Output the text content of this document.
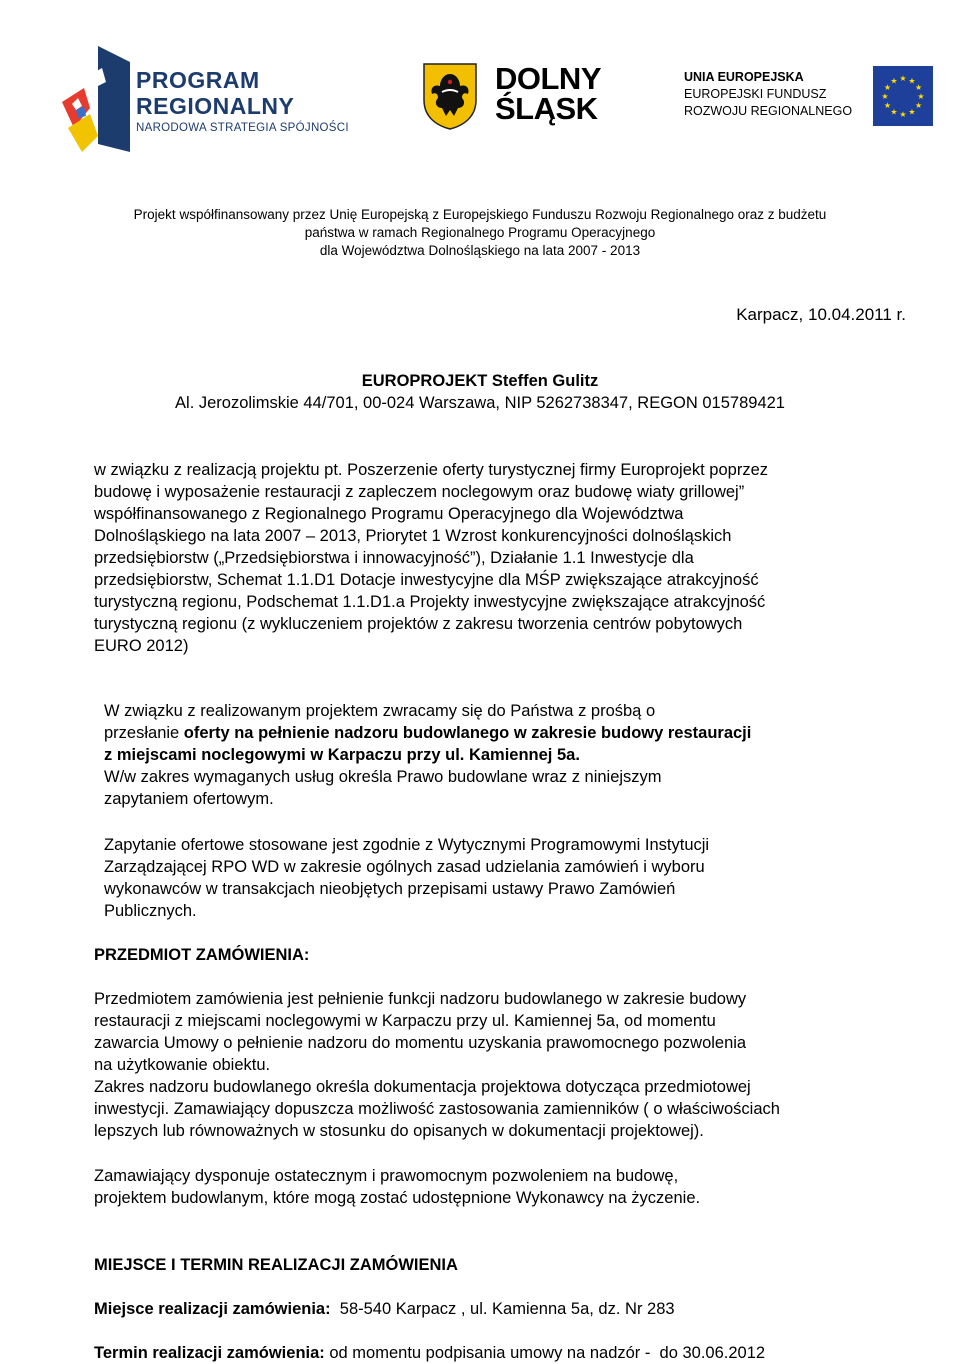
PROGRAM
REGIONALNY
NARODOWA STRATEGIA SPÓJNOŚCI
DOLNY
ŚLĄSK
UNIA EUROPEJSKA
EUROPEJSKI FUNDUSZ
ROZWOJU REGIONALNEGO
★ ★
★
★
★
★
★
★
★
★
★
★
Projekt współfinansowany przez Unię Europejską z Europejskiego Funduszu Rozwoju Regionalnego oraz z budżetu
państwa w ramach Regionalnego Programu Operacyjnego
dla Województwa Dolnośląskiego na lata 2007 - 2013
Karpacz, 10.04.2011 r.
EUROPROJEKT Steffen Gulitz
Al. Jerozolimskie 44/701, 00-024 Warszawa, NIP 5262738347, REGON 015789421
w związku z realizacją projektu pt. Poszerzenie oferty turystycznej firmy Europrojekt poprzez
budowę i wyposażenie restauracji z zapleczem noclegowym oraz budowę wiaty grillowej”
współfinansowanego z Regionalnego Programu Operacyjnego dla Województwa
Dolnośląskiego na lata 2007 – 2013, Priorytet 1 Wzrost konkurencyjności dolnośląskich
przedsiębiorstw („Przedsiębiorstwa i innowacyjność”), Działanie 1.1 Inwestycje dla
przedsiębiorstw, Schemat 1.1.D1 Dotacje inwestycyjne dla MŚP zwiększające atrakcyjność
turystyczną regionu, Podschemat 1.1.D1.a Projekty inwestycyjne zwiększające atrakcyjność
turystyczną regionu (z wykluczeniem projektów z zakresu tworzenia centrów pobytowych
EURO 2012)
W związku z realizowanym projektem zwracamy się do Państwa z prośbą o
przesłanie oferty na pełnienie nadzoru budowlanego w zakresie budowy restauracji
z miejscami noclegowymi w Karpaczu przy ul. Kamiennej 5a.
W/w zakres wymaganych usług określa Prawo budowlane wraz z niniejszym
zapytaniem ofertowym.
Zapytanie ofertowe stosowane jest zgodnie z Wytycznymi Programowymi Instytucji
Zarządzającej RPO WD w zakresie ogólnych zasad udzielania zamówień i wyboru
wykonawców w transakcjach nieobjętych przepisami ustawy Prawo Zamówień
Publicznych.
PRZEDMIOT ZAMÓWIENIA:
Przedmiotem zamówienia jest pełnienie funkcji nadzoru budowlanego w zakresie budowy
restauracji z miejscami noclegowymi w Karpaczu przy ul. Kamiennej 5a, od momentu
zawarcia Umowy o pełnienie nadzoru do momentu uzyskania prawomocnego pozwolenia
na użytkowanie obiektu.
Zakres nadzoru budowlanego określa dokumentacja projektowa dotycząca przedmiotowej
inwestycji. Zamawiający dopuszcza możliwość zastosowania zamienników ( o właściwościach
lepszych lub równoważnych w stosunku do opisanych w dokumentacji projektowej).
Zamawiający dysponuje ostatecznym i prawomocnym pozwoleniem na budowę,
projektem budowlanym, które mogą zostać udostępnione Wykonawcy na życzenie.
MIEJSCE I TERMIN REALIZACJI ZAMÓWIENIA
Miejsce realizacji zamówienia:  58-540 Karpacz , ul. Kamienna 5a, dz. Nr 283
Termin realizacji zamówienia: od momentu podpisania umowy na nadzór -  do 30.06.2012
